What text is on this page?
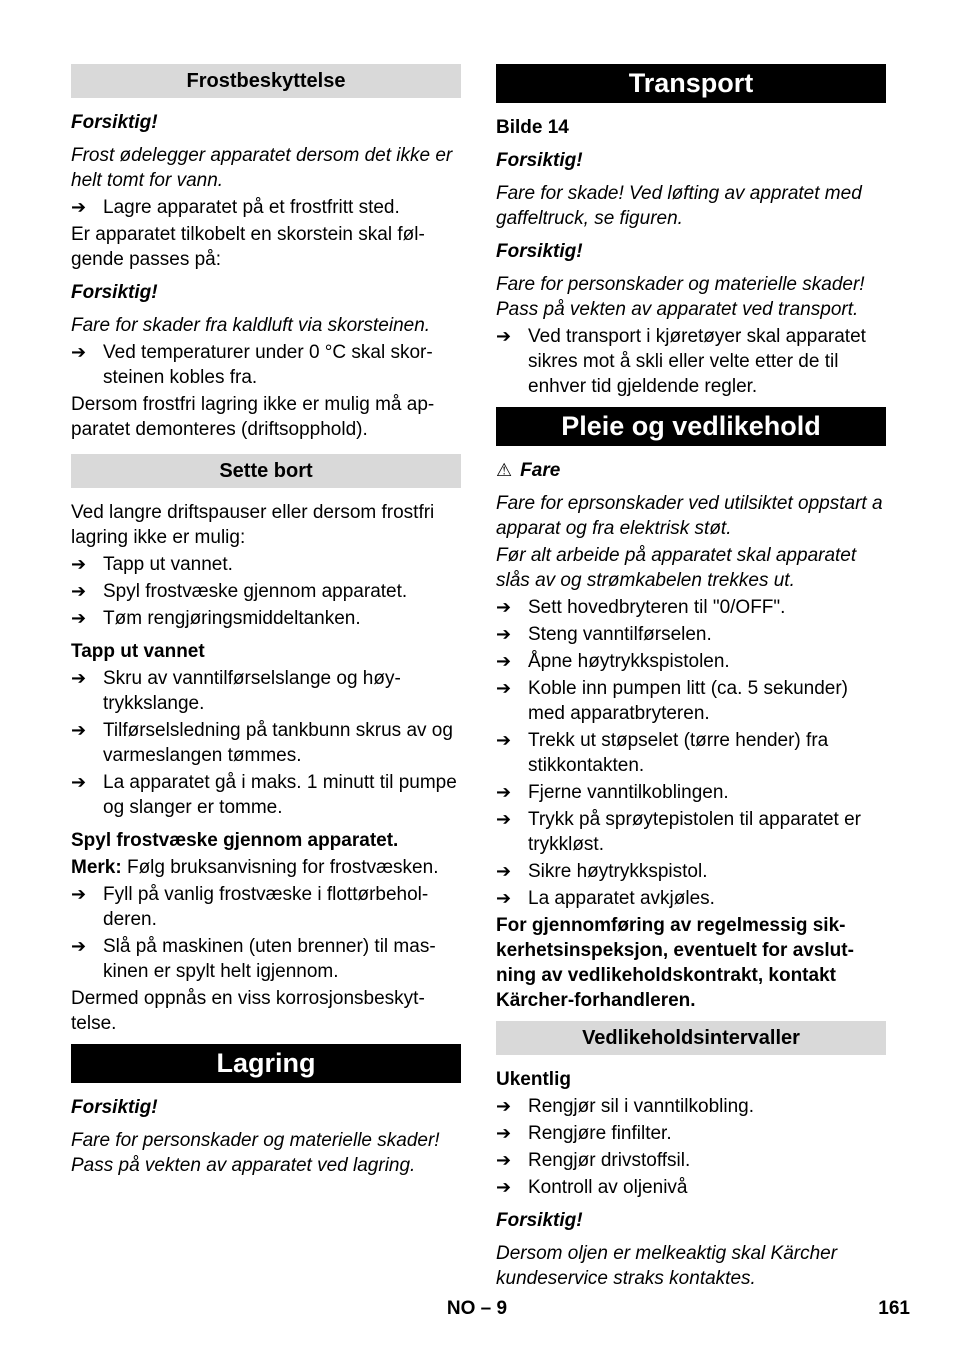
Frostbeskyttelse

Forsiktig!

Frost ødelegger apparatet dersom det ikke er helt tomt for vann.

➔ Lagre apparatet på et frostfritt sted.

Er apparatet tilkobelt en skorstein skal følgende passes på:

Forsiktig!

Fare for skader fra kaldluft via skorsteinen.

➔ Ved temperaturer under 0 °C skal skorsteinen kobles fra.

Dersom frostfri lagring ikke er mulig må apparatet demonteres (driftsopphold).

Sette bort

Ved langre driftspauser eller dersom frostfri lagring ikke er mulig:

➔ Tapp ut vannet.
➔ Spyl frostvæske gjennom apparatet.
➔ Tøm rengjøringsmiddeltanken.

Tapp ut vannet

➔ Skru av vanntilførselslange og høytrykkslange.
➔ Tilførselsledning på tankbunn skrus av og varmeslangen tømmes.
➔ La apparatet gå i maks. 1 minutt til pumpe og slanger er tomme.

Spyl frostvæske gjennom apparatet.

Merk: Følg bruksanvisning for frostvæsken.

➔ Fyll på vanlig frostvæske i flottørbeholderen.
➔ Slå på maskinen (uten brenner) til maskinen er spylt helt igjennom.

Dermed oppnås en viss korrosjonsbeskyttelse.

Lagring

Forsiktig!

Fare for personskader og materielle skader! Pass på vekten av apparatet ved lagring.

Transport

Bilde 14

Forsiktig!

Fare for skade! Ved løfting av appratet med gaffeltruck, se figuren.

Forsiktig!

Fare for personskader og materielle skader! Pass på vekten av apparatet ved transport.

➔ Ved transport i kjøretøyer skal apparatet sikres mot å skli eller velte etter de til enhver tid gjeldende regler.
Pleie og vedlikehold

⚠ Fare

Fare for eprsonskader ved utilsiktet oppstart a apparat og fra elektrisk støt.

Før alt arbeide på apparatet skal apparatet slås av og strømkabelen trekkes ut.

➔ Sett hovedbryteren til "0/OFF".
➔ Steng vanntilførselen.
➔ Åpne høytrykkspistolen.
➔ Koble inn pumpen litt (ca. 5 sekunder) med apparatbryteren.
➔ Trekk ut støpselet (tørre hender) fra stikkontakten.
➔ Fjerne vanntilkoblingen.
➔ Trykk på sprøytepistolen til apparatet er trykkløst.
➔ Sikre høytrykkspistol.
➔ La apparatet avkjøles.

For gjennomføring av regelmessig sikkerhetsinspeksjon, eventuelt for avslutning av vedlikeholdskontrakt, kontakt Kärcher-forhandleren.

Vedlikeholdsintervaller

Ukentlig

➔ Rengjør sil i vanntilkobling.
➔ Rengjøre finfilter.
➔ Rengjør drivstoffsil.
➔ Kontroll av oljenivå

Forsiktig!

Dersom oljen er melkeaktig skal Kärcher kundeservice straks kontaktes.

NO – 9	161
